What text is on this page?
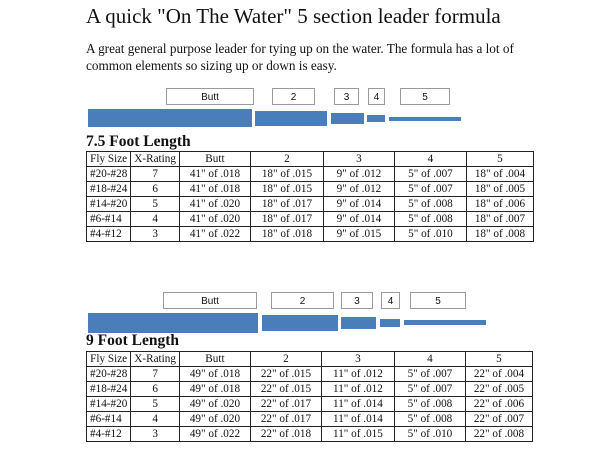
A quick "On The Water" 5 section leader formula
A great general purpose leader for tying up on the water. The formula has a lot of common elements so sizing up or down is easy.
Butt	2	3	4	5
7.5 Foot Length
Fly Size	X-Rating	Butt	2	3	4	5
#20-#28	7	41" of .018	18" of .015	9" of .012	5" of .007	18" of .004
#18-#24	6	41" of .018	18" of .015	9" of .012	5" of .007	18" of .005
#14-#20	5	41" of .020	18" of .017	9" of .014	5" of .008	18" of .006
#6-#14	4	41" of .020	18" of .017	9" of .014	5" of .008	18" of .007
#4-#12	3	41" of .022	18" of .018	9" of .015	5" of .010	18" of .008
Butt	2	3	4	5
9 Foot Length
Fly Size	X-Rating	Butt	2	3	4	5
#20-#28	7	49" of .018	22" of .015	11" of .012	5" of .007	22" of .004
#18-#24	6	49" of .018	22" of .015	11" of .012	5" of .007	22" of .005
#14-#20	5	49" of .020	22" of .017	11" of .014	5" of .008	22" of .006
#6-#14	4	49" of .020	22" of .017	11" of .014	5" of .008	22" of .007
#4-#12	3	49" of .022	22" of .018	11" of .015	5" of .010	22" of .008
